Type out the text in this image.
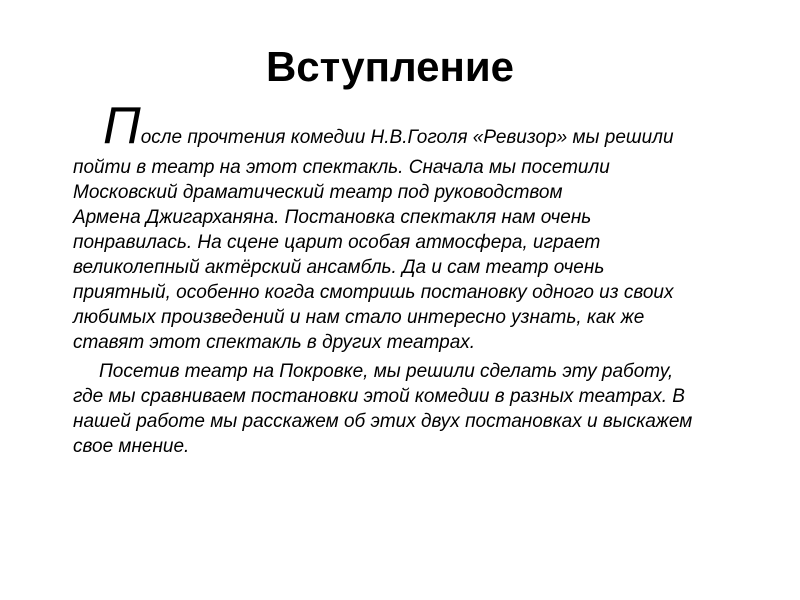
Вступление
После прочтения комедии Н.В.Гоголя «Ревизор» мы решили
пойти в театр на этот спектакль. Сначала мы посетили
Московский драматический театр под руководством
Армена Джигарханяна. Постановка спектакля нам очень
понравилась. На сцене царит особая атмосфера, играет
великолепный актёрский ансамбль. Да и сам театр очень
приятный, особенно когда смотришь постановку одного из своих
любимых произведений и нам стало интересно узнать, как же
ставят этот спектакль в других театрах.
Посетив театр на Покровке, мы решили сделать эту работу,
где мы сравниваем постановки этой комедии в разных театрах. В
нашей работе мы расскажем об этих двух постановках и выскажем
свое мнение.
